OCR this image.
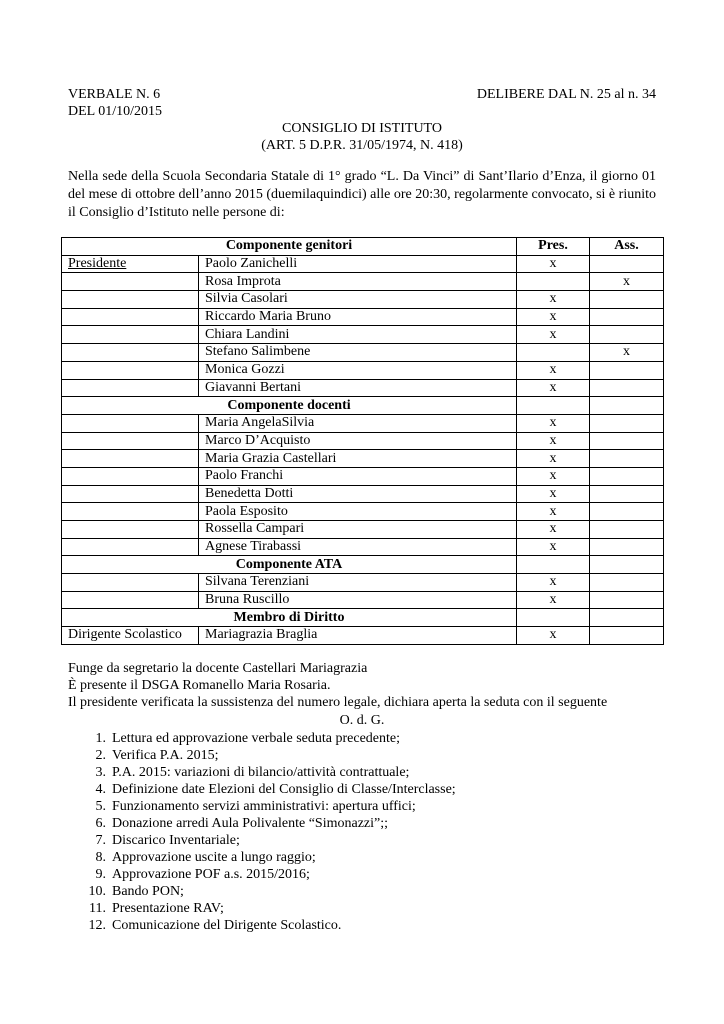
VERBALE N. 6	DELIBERE DAL N. 25 al n. 34
DEL 01/10/2015
CONSIGLIO DI ISTITUTO
(ART. 5 D.P.R. 31/05/1974, N. 418)
Nella sede della Scuola Secondaria Statale di 1° grado “L. Da Vinci” di Sant’Ilario d’Enza, il giorno 01 del mese di ottobre dell’anno 2015 (duemilaquindici) alle ore 20:30, regolarmente convocato, si è riunito il Consiglio d’Istituto nelle persone di:
Componente genitori		Pres.	Ass.
Presidente	Paolo Zanichelli	x	
	Rosa Improta		x
	Silvia Casolari	x	
	Riccardo Maria Bruno	x	
	Chiara Landini	x	
	Stefano Salimbene		x
	Monica Gozzi	x	
	Giavanni Bertani	x	
Componente docenti			
	Maria AngelaSilvia	x	
	Marco D’Acquisto	x	
	Maria Grazia Castellari	x	
	Paolo Franchi	x	
	Benedetta Dotti	x	
	Paola Esposito	x	
	Rossella Campari	x	
	Agnese Tirabassi	x	
Componente ATA			
	Silvana Terenziani	x	
	Bruna Ruscillo	x	
Membro di Diritto			
Dirigente Scolastico	Mariagrazia Braglia	x	
Funge da segretario la docente Castellari Mariagrazia
È presente il DSGA Romanello Maria Rosaria.
Il presidente verificata la sussistenza del numero legale, dichiara aperta la seduta con il seguente
O. d. G.
1. Lettura ed approvazione verbale seduta precedente;
2. Verifica P.A. 2015;
3. P.A. 2015: variazioni di bilancio/attività contrattuale;
4. Definizione date Elezioni del Consiglio di Classe/Interclasse;
5. Funzionamento servizi amministrativi: apertura uffici;
6. Donazione arredi Aula Polivalente “Simonazzi”;;
7. Discarico Inventariale;
8. Approvazione uscite a lungo raggio;
9. Approvazione POF a.s. 2015/2016;
10. Bando PON;
11. Presentazione RAV;
12. Comunicazione del Dirigente Scolastico.
